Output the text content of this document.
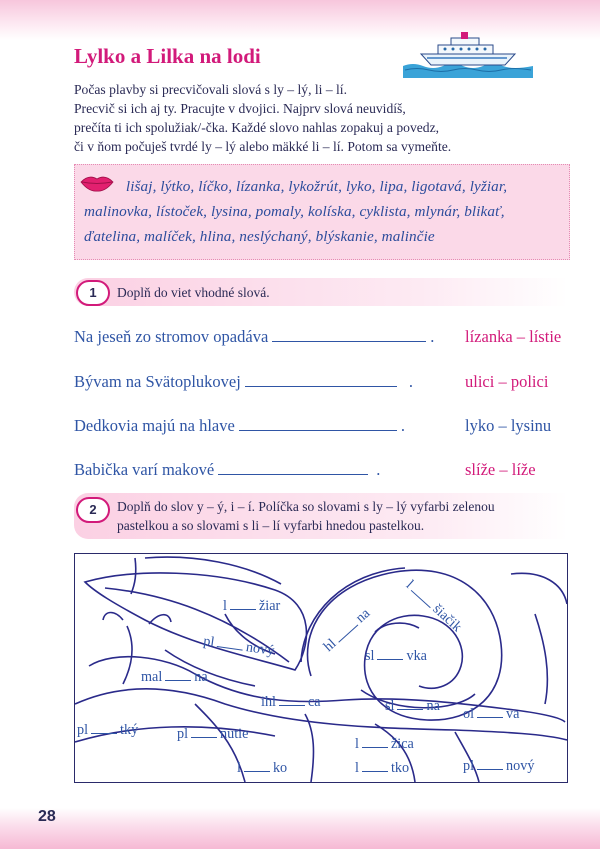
Lylko a Lilka na lodi

Počas plavby si precvičovali slová s ly – lý, li – lí.

Precvič si ich aj ty. Pracujte v dvojici. Najprv slová neuvidíš,

prečíta ti ich spolužiak/-čka. Každé slovo nahlas zopakuj a povedz,

či v ňom počuješ tvrdé ly – lý alebo mäkké li – lí. Potom sa vymeňte.

lišaj, lýtko, líčko, lízanka, lykožrút, lyko, lipa, ligotavá, lyžiar, malinovka, lístoček, lysina, pomaly, kolíska, cyklista, mlynár, blikať, ďatelina, malíček, hlina, neslýchaný, blýskanie, malinčie
1	Doplň do viet vhodné slová.
Na jeseň zo stromov opadáva	. lízanka – lístie
Bývam na Svätoplukovej	.	ulici – polici
Dedkovia majú na hlave	.	lyko – lysinu
Babička varí makové	.	slíže – líže
2	Doplň do slov y – ý, i – í. Políčka so slovami s ly – lý vyfarbi zelenou
pastelkou a so slovami s li – lí vyfarbi hnedou pastelkou.
l žiar
pl nový	hlna
lšiačik
sl vka
mal na
ihl ca	sl na ol va
pl tký	pl nutie
l žica
l ko	l tko	pl nový
28
